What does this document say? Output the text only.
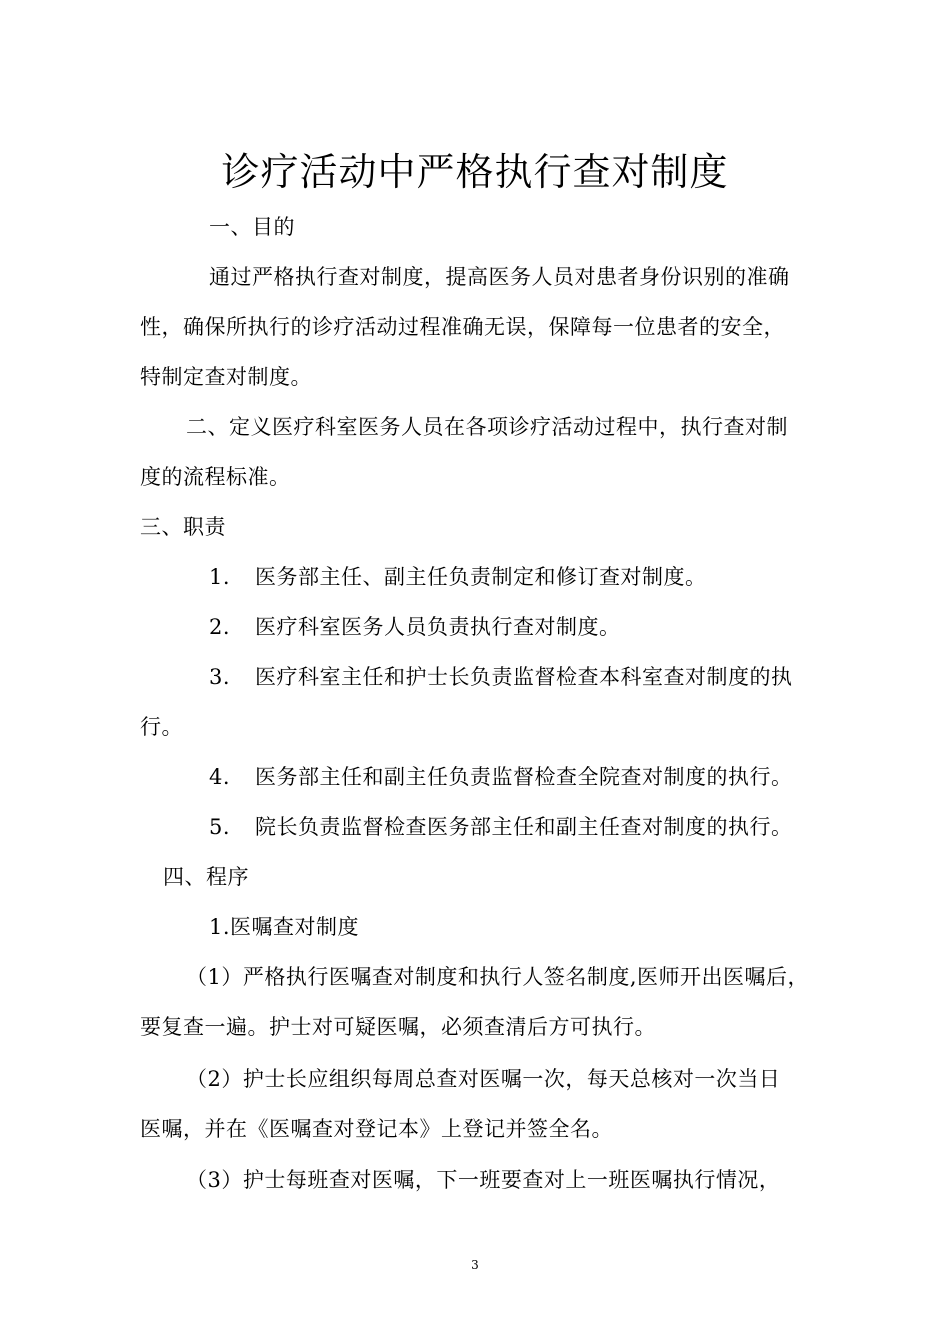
诊疗活动中严格执行查对制度
一、目的
通过严格执行查对制度，提高医务人员对患者身份识别的准确
性，确保所执行的诊疗活动过程准确无误，保障每一位患者的安全，
特制定查对制度。
二、定义医疗科室医务人员在各项诊疗活动过程中，执行查对制
度的流程标准。
三、职责
1. 医务部主任、副主任负责制定和修订查对制度。
2. 医疗科室医务人员负责执行查对制度。
3. 医疗科室主任和护士长负责监督检查本科室查对制度的执
行。
4. 医务部主任和副主任负责监督检查全院查对制度的执行。
5. 院长负责监督检查医务部主任和副主任查对制度的执行。
四、程序
1.医嘱查对制度
（1）严格执行医嘱查对制度和执行人签名制度,医师开出医嘱后，
要复查一遍。护士对可疑医嘱，必须查清后方可执行。
（2）护士长应组织每周总查对医嘱一次，每天总核对一次当日
医嘱，并在《医嘱查对登记本》上登记并签全名。
（3）护士每班查对医嘱，下一班要查对上一班医嘱执行情况，
3
